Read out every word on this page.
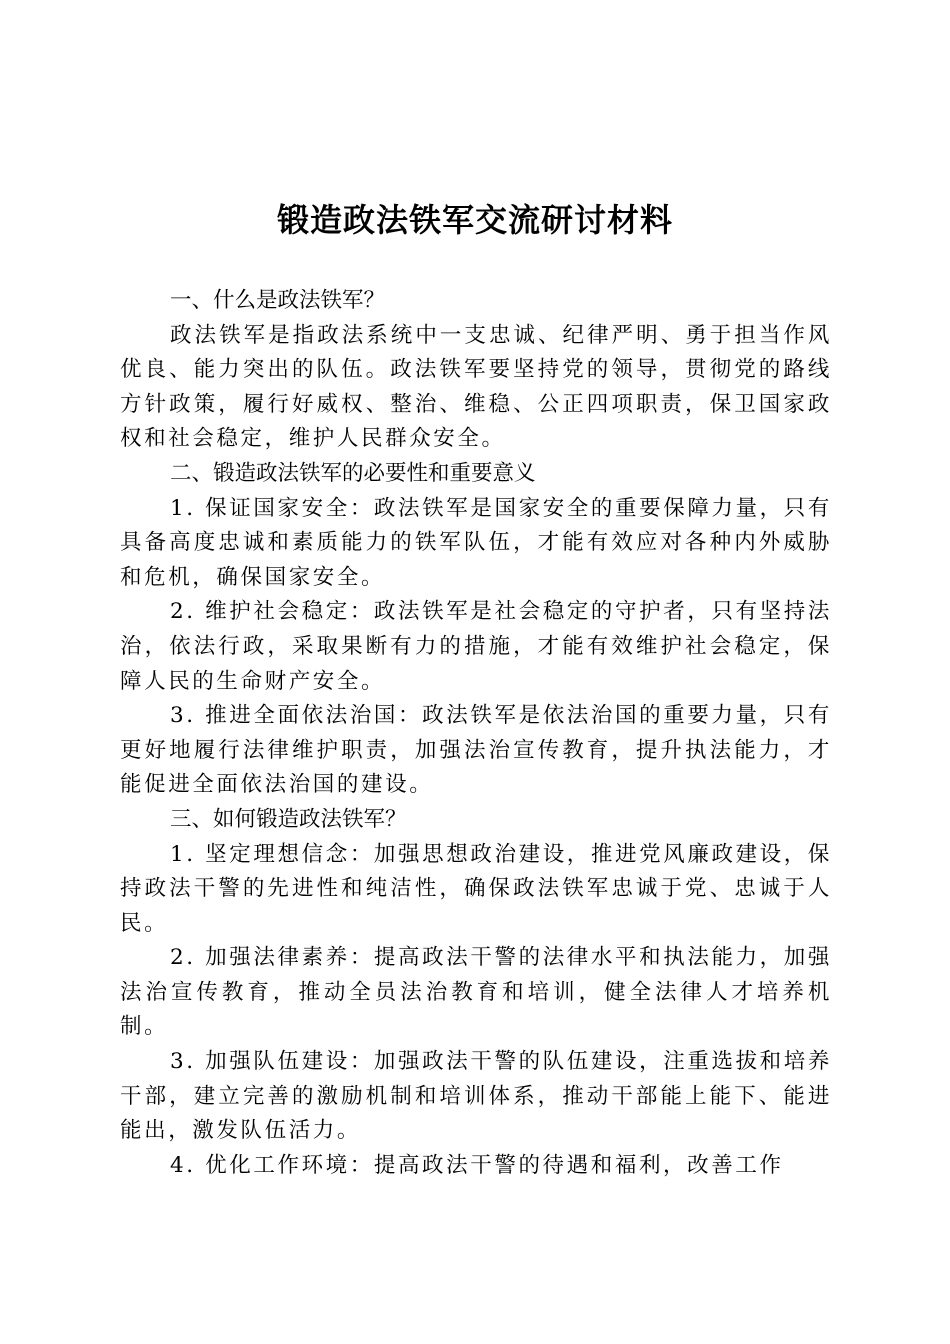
锻造政法铁军交流研讨材料
一、什么是政法铁军？

政法铁军是指政法系统中一支忠诚、纪律严明、勇于担当作风优良、能力突出的队伍。政法铁军要坚持党的领导，贯彻党的路线方针政策，履行好威权、整治、维稳、公正四项职责，保卫国家政权和社会稳定，维护人民群众安全。

二、锻造政法铁军的必要性和重要意义

1. 保证国家安全：政法铁军是国家安全的重要保障力量，只有具备高度忠诚和素质能力的铁军队伍，才能有效应对各种内外威胁和危机，确保国家安全。

2. 维护社会稳定：政法铁军是社会稳定的守护者，只有坚持法治，依法行政，采取果断有力的措施，才能有效维护社会稳定，保障人民的生命财产安全。

3. 推进全面依法治国：政法铁军是依法治国的重要力量，只有更好地履行法律维护职责，加强法治宣传教育，提升执法能力，才能促进全面依法治国的建设。

三、如何锻造政法铁军？

1. 坚定理想信念：加强思想政治建设，推进党风廉政建设，保持政法干警的先进性和纯洁性，确保政法铁军忠诚于党、忠诚于人民。

2. 加强法律素养：提高政法干警的法律水平和执法能力，加强法治宣传教育，推动全员法治教育和培训，健全法律人才培养机制。

3. 加强队伍建设：加强政法干警的队伍建设，注重选拔和培养干部，建立完善的激励机制和培训体系，推动干部能上能下、能进能出，激发队伍活力。

4. 优化工作环境：提高政法干警的待遇和福利，改善工作
